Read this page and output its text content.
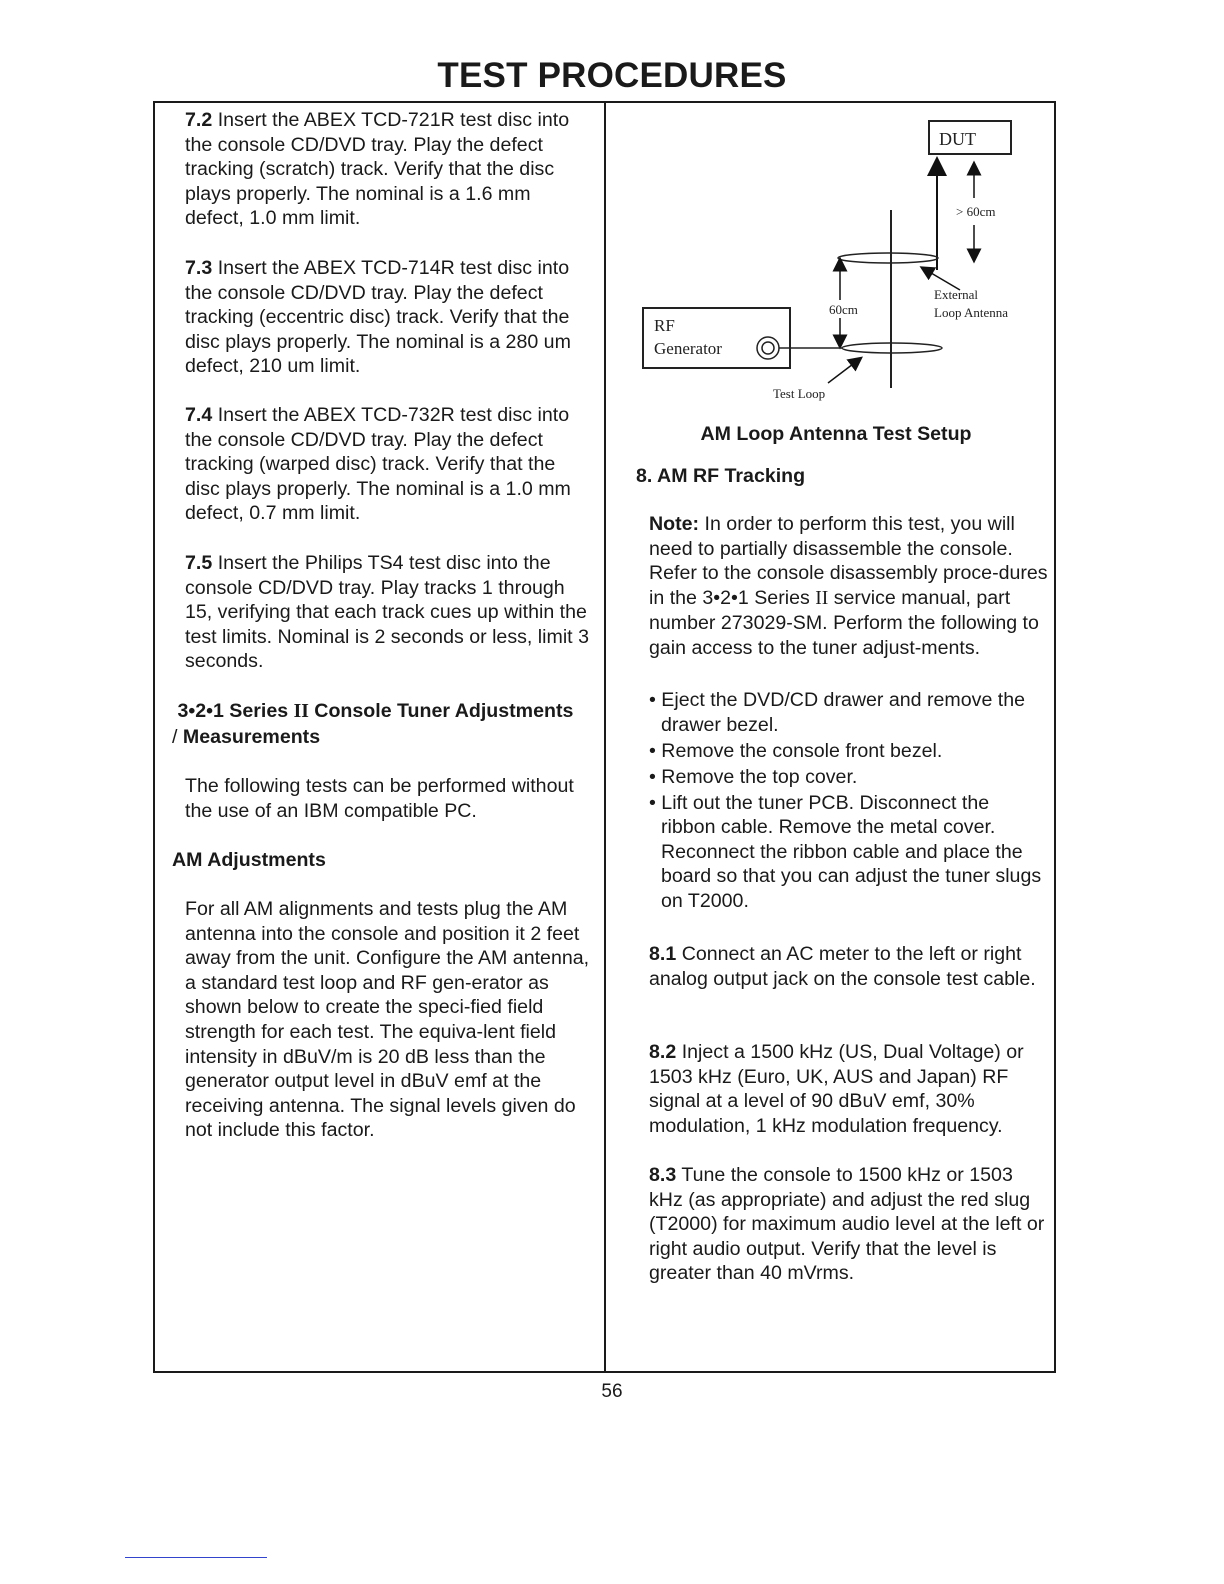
TEST PROCEDURES

7.2 Insert the ABEX TCD-721R test disc into the console CD/DVD tray. Play the defect tracking (scratch) track. Verify that the disc plays properly. The nominal is a 1.6 mm defect, 1.0 mm limit.

7.3 Insert the ABEX TCD-714R test disc into the console CD/DVD tray. Play the defect tracking (eccentric disc) track. Verify that the disc plays properly. The nominal is a 280 um defect, 210 um limit.

7.4 Insert the ABEX TCD-732R test disc into the console CD/DVD tray. Play the defect tracking (warped disc) track. Verify that the disc plays properly. The nominal is a 1.0 mm defect, 0.7 mm limit.

7.5 Insert the Philips TS4 test disc into the console CD/DVD tray. Play tracks 1 through 15, verifying that each track cues up within the test limits. Nominal is 2 seconds or less, limit 3 seconds.

3•2•1 Series II Console Tuner Adjustments
/ Measurements

The following tests can be performed without the use of an IBM compatible PC.

AM Adjustments

For all AM alignments and tests plug the AM antenna into the console and position it 2 feet away from the unit. Configure the AM antenna, a standard test loop and RF gen-erator as shown below to create the speci-fied field strength for each test. The equiva-lent field intensity in dBuV/m is 20 dB less than the generator output level in dBuV emf at the receiving antenna. The signal levels given do not include this factor.

DUT
> 60cm
60cm
External
Loop Antenna
RF
Generator
Test Loop
AM Loop Antenna Test Setup

8. AM RF Tracking

Note: In order to perform this test, you will need to partially disassemble the console. Refer to the console disassembly proce-dures in the 3•2•1 Series II service manual, part number 273029-SM. Perform the following to gain access to the tuner adjust-ments.

• Eject the DVD/CD drawer and remove the drawer bezel.
• Remove the console front bezel.
• Remove the top cover.
• Lift out the tuner PCB. Disconnect the ribbon cable. Remove the metal cover. Reconnect the ribbon cable and place the board so that you can adjust the tuner slugs on T2000.

8.1 Connect an AC meter to the left or right analog output jack on the console test cable.

8.2 Inject a 1500 kHz (US, Dual Voltage) or 1503 kHz (Euro, UK, AUS and Japan) RF signal at a level of 90 dBuV emf, 30% modulation, 1 kHz modulation frequency.

8.3 Tune the console to 1500 kHz or 1503 kHz (as appropriate) and adjust the red slug (T2000) for maximum audio level at the left or right audio output. Verify that the level is greater than 40 mVrms.

56
